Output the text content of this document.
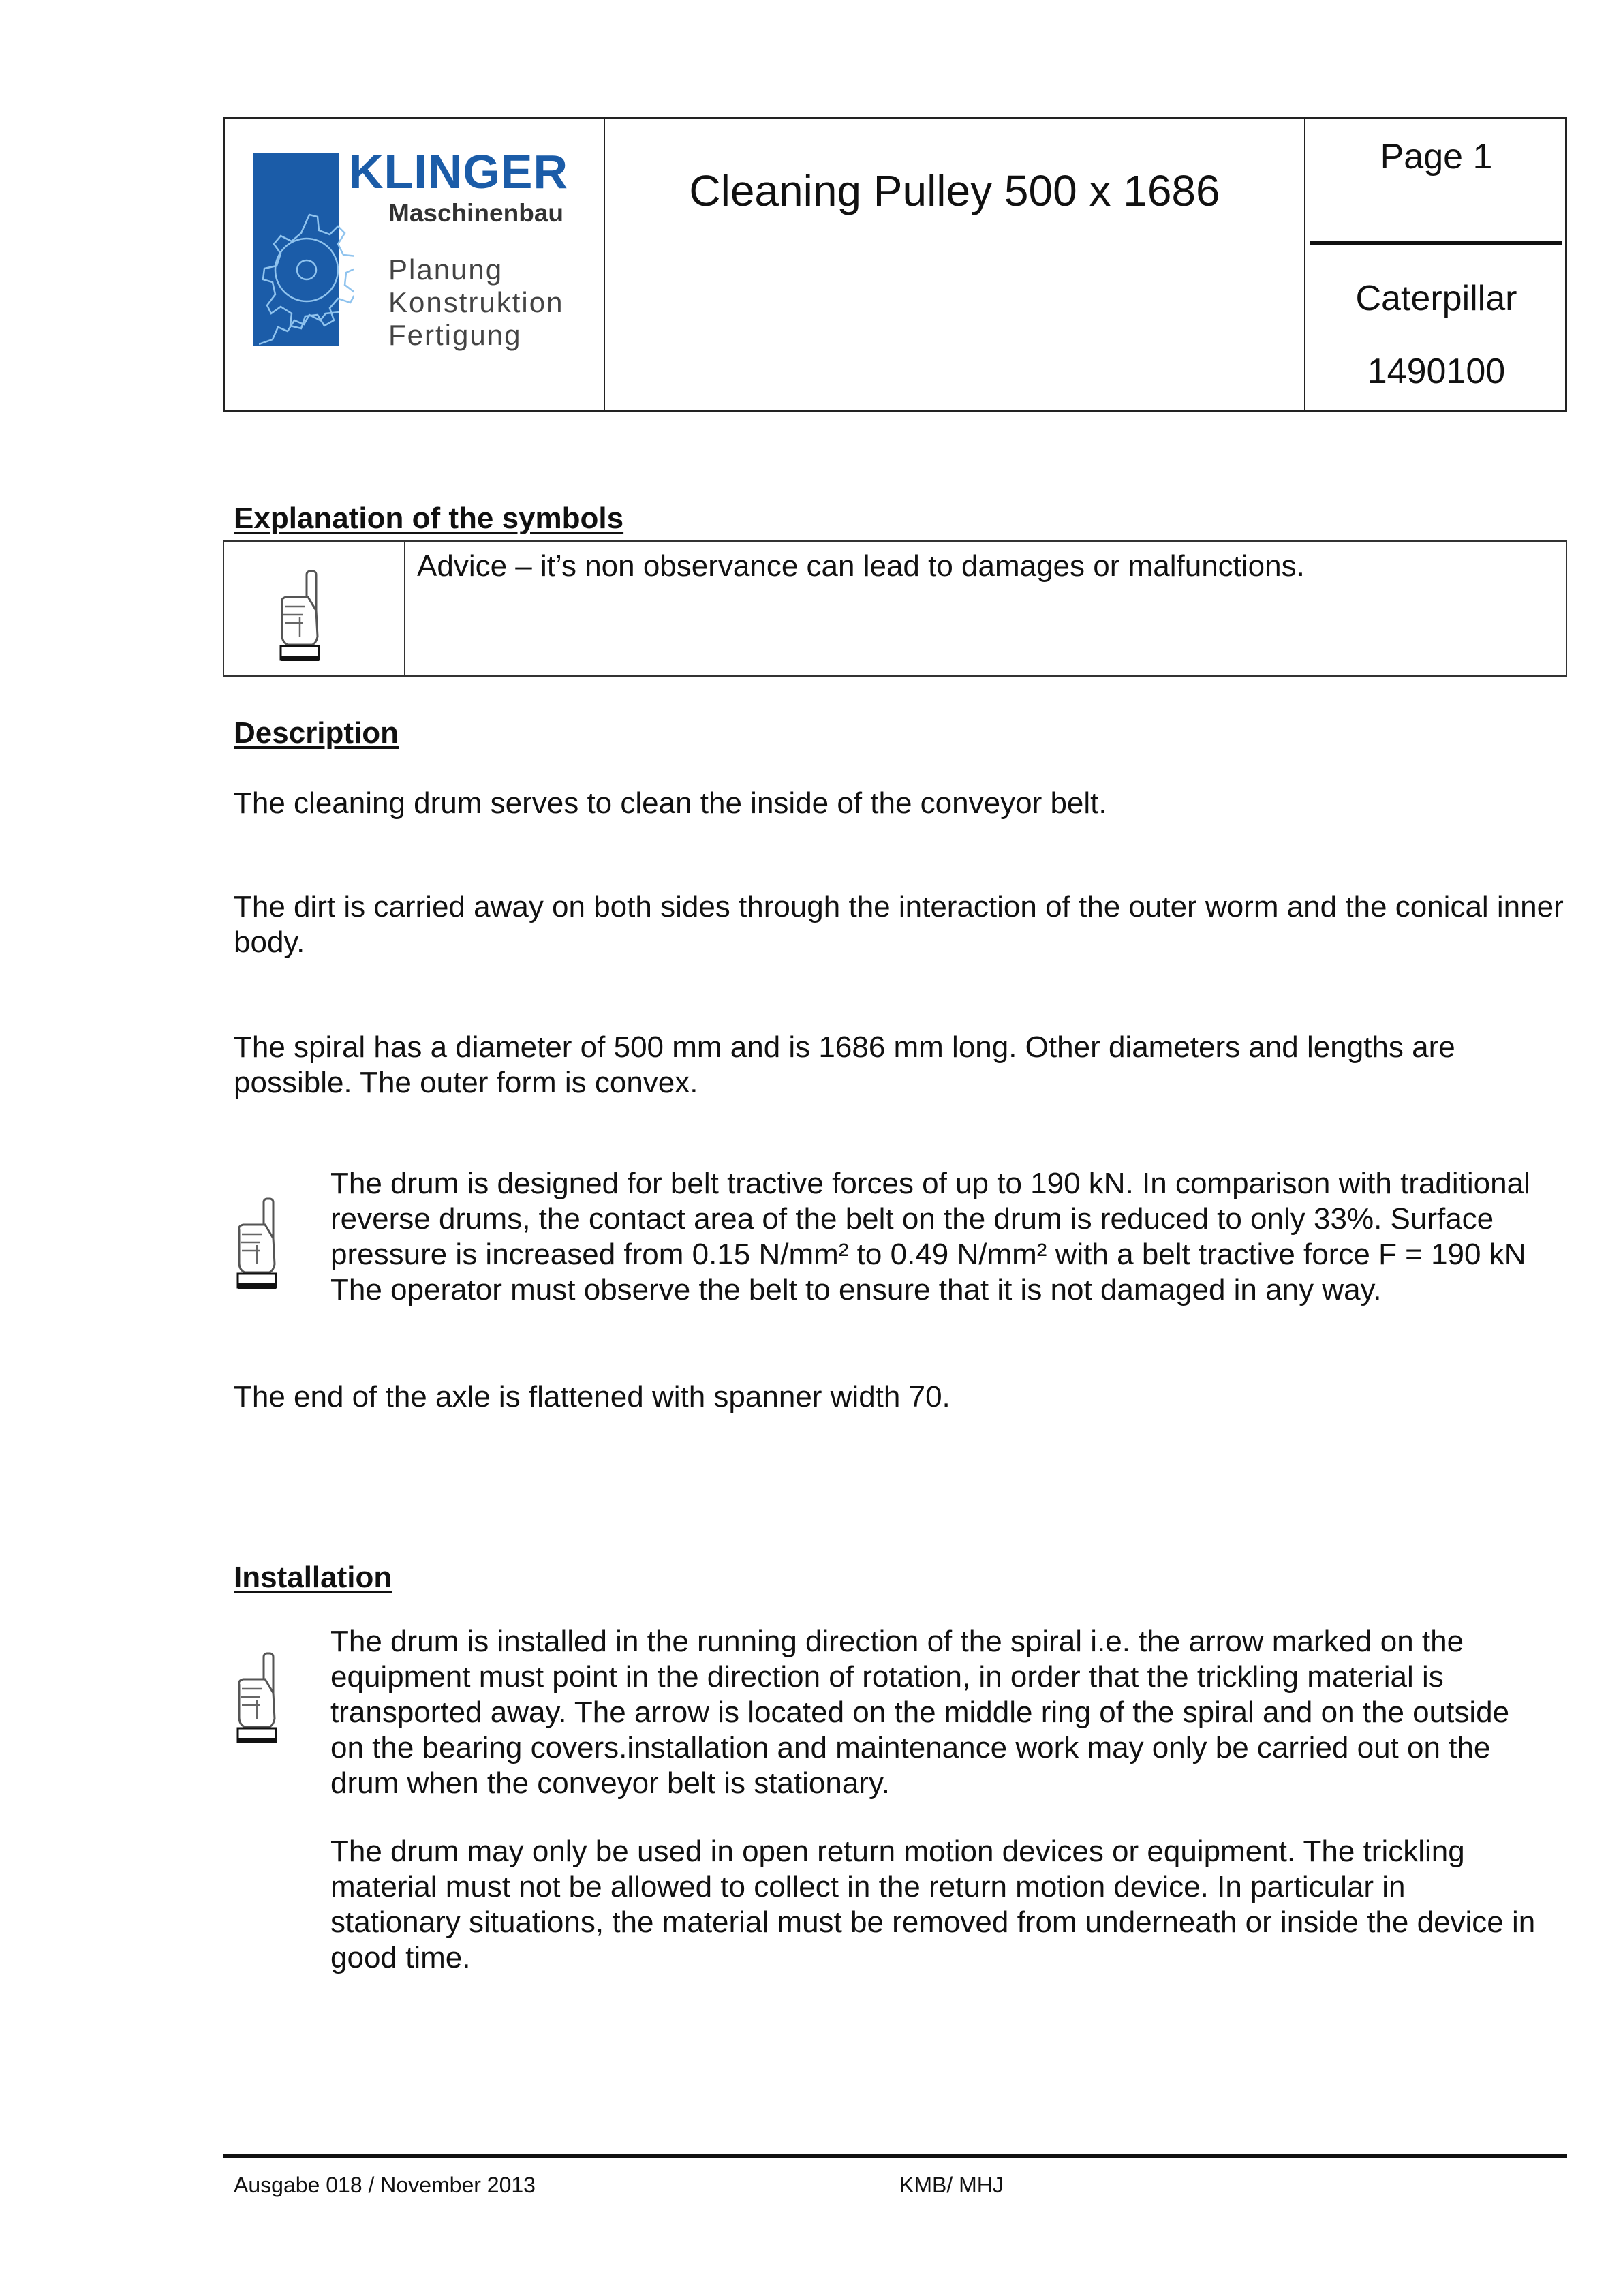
KLINGER
Maschinenbau
Planung
Konstruktion
Fertigung
Cleaning Pulley 500 x 1686
Page 1
Caterpillar
1490100
Explanation of the symbols
Advice – it’s non observance can lead to damages or malfunctions.
Description
The cleaning drum serves to clean the inside of the conveyor belt.
The dirt is carried away on both sides through the interaction of the outer worm and the conical inner body.
The spiral has a diameter of 500 mm and is 1686 mm long. Other diameters and lengths are possible. The outer form is convex.
The drum is designed for belt tractive forces of up to 190 kN. In comparison with traditional
reverse drums, the contact area of the belt on the drum is reduced to only 33%. Surface
pressure is increased from 0.15 N/mm² to 0.49 N/mm² with a belt tractive force F = 190 kN
The operator must observe the belt to ensure that it is not damaged in any way.
The end of the axle is flattened with spanner width 70.
Installation
The drum is installed in the running direction of the spiral i.e. the arrow marked on the
equipment must point in the direction of rotation, in order that the trickling material is
transported away. The arrow is located on the middle ring of the spiral and on the outside
on the bearing covers.installation and maintenance work may only be carried out on the
drum when the conveyor belt is stationary.
The drum may only be used in open return motion devices or equipment. The trickling
material must not be allowed to collect in the return motion device. In particular in
stationary situations, the material must be removed from underneath or inside the device in
good time.
Ausgabe 018 / November 2013	KMB/ MHJ
